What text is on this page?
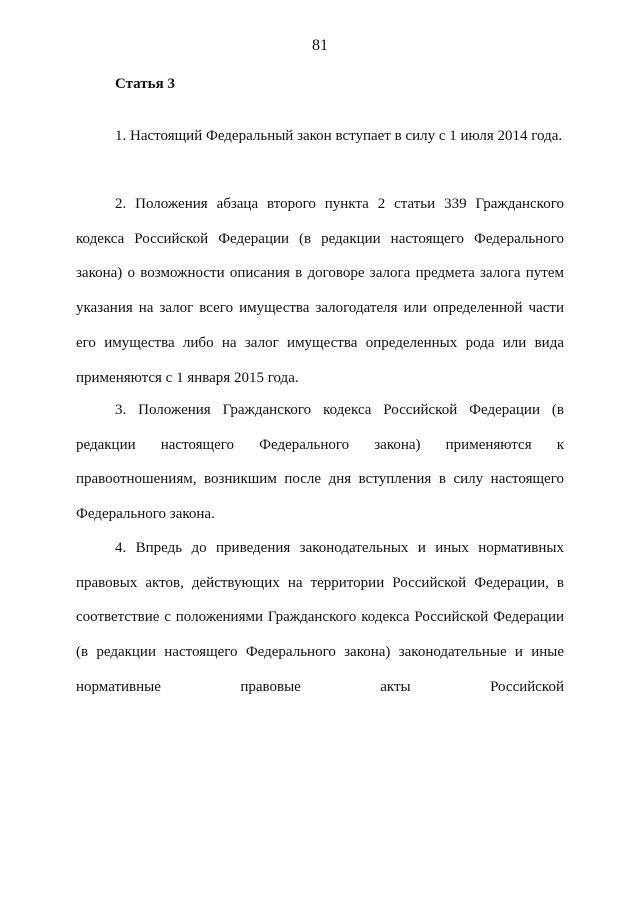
81
Статья 3

1. Настоящий Федеральный закон вступает в силу с 1 июля 2014 года.

2. Положения абзаца второго пункта 2 статьи 339 Гражданского кодекса Российской Федерации (в редакции настоящего Федерального закона) о возможности описания в договоре залога предмета залога путем указания на залог всего имущества залогодателя или определенной части его имущества либо на залог имущества определенных рода или вида применяются с 1 января 2015 года.

3. Положения Гражданского кодекса Российской Федерации (в редакции настоящего Федерального закона) применяются к правоотношениям, возникшим после дня вступления в силу настоящего Федерального закона.

4. Впредь до приведения законодательных и иных нормативных правовых актов, действующих на территории Российской Федерации, в соответствие с положениями Гражданского кодекса Российской Федерации (в редакции настоящего Федерального закона) законодательные и иные нормативные правовые акты Российской
